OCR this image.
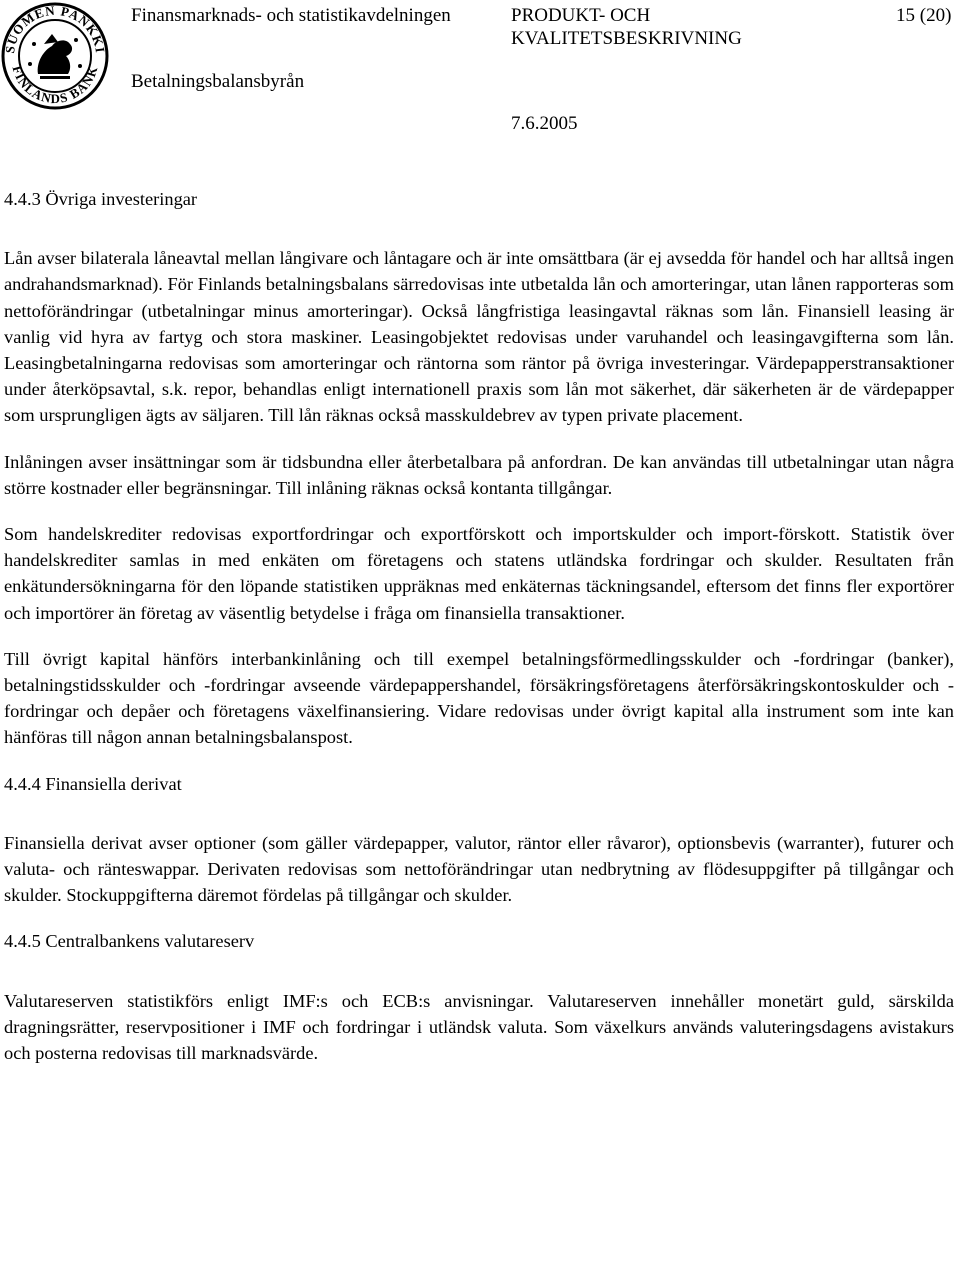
SUOMEN PANKKI
FINLANDS BANK
Finansmarknads- och statistikavdelningen	PRODUKT- OCH
KVALITETSBESKRIVNING
15 (20)
Betalningsbalansbyrån
7.6.2005
4.4.3 Övriga investeringar

Lån avser bilaterala låneavtal mellan långivare och låntagare och är inte omsättbara (är ej avsedda för handel och har alltså ingen andrahandsmarknad). För Finlands betalningsbalans särredovisas inte utbetalda lån och amorteringar, utan lånen rapporteras som nettoförändringar (utbetalningar minus amorteringar). Också långfristiga leasingavtal räknas som lån. Finansiell leasing är vanlig vid hyra av fartyg och stora maskiner. Leasingobjektet redovisas under varuhandel och leasingavgifterna som lån. Leasingbetalningarna redovisas som amorteringar och räntorna som räntor på övriga investeringar. Värdepapperstransaktioner under återköpsavtal, s.k. repor, behandlas enligt internationell praxis som lån mot säkerhet, där säkerheten är de värdepapper som ursprungligen ägts av säljaren. Till lån räknas också masskuldebrev av typen private placement.

Inlåningen avser insättningar som är tidsbundna eller återbetalbara på anfordran. De kan användas till utbetalningar utan några större kostnader eller begränsningar. Till inlåning räknas också kontanta tillgångar.

Som handelskrediter redovisas exportfordringar och exportförskott och importskulder och import-förskott. Statistik över handelskrediter samlas in med enkäten om företagens och statens utländska fordringar och skulder. Resultaten från enkätundersökningarna för den löpande statistiken uppräknas med enkäternas täckningsandel, eftersom det finns fler exportörer och importörer än företag av väsentlig betydelse i fråga om finansiella transaktioner.

Till övrigt kapital hänförs interbankinlåning och till exempel betalningsförmedlingsskulder och -fordringar (banker), betalningstidsskulder och -fordringar avseende värdepappershandel, försäkringsföretagens återförsäkringskontoskulder och -fordringar och depåer och företagens växelfinansiering. Vidare redovisas under övrigt kapital alla instrument som inte kan hänföras till någon annan betalningsbalanspost.

4.4.4 Finansiella derivat

Finansiella derivat avser optioner (som gäller värdepapper, valutor, räntor eller råvaror), optionsbevis (warranter), futurer och valuta- och ränteswappar. Derivaten redovisas som nettoförändringar utan nedbrytning av flödesuppgifter på tillgångar och skulder. Stockuppgifterna däremot fördelas på tillgångar och skulder.

4.4.5 Centralbankens valutareserv

Valutareserven statistikförs enligt IMF:s och ECB:s anvisningar. Valutareserven innehåller monetärt guld, särskilda dragningsrätter, reservpositioner i IMF och fordringar i utländsk valuta. Som växelkurs används valuteringsdagens avistakurs och posterna redovisas till marknadsvärde.
